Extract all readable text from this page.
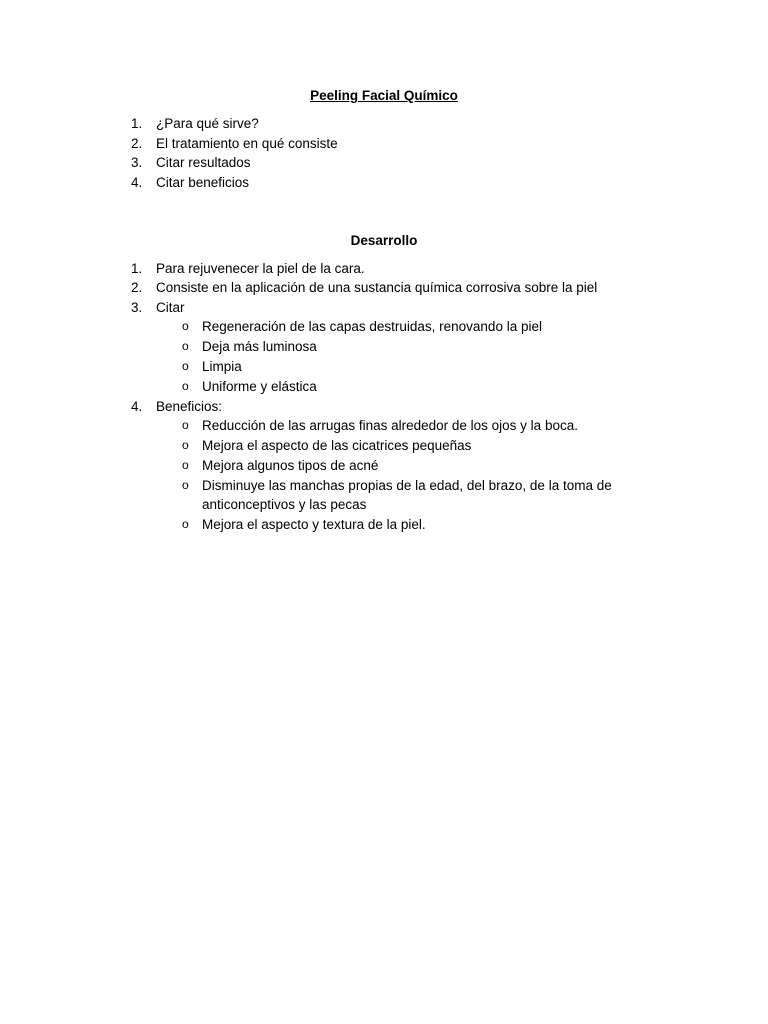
Peeling Facial Químico
1.	¿Para qué sirve?
2.	El tratamiento en qué consiste
3.	Citar resultados
4.	Citar beneficios
Desarrollo
1.	Para rejuvenecer la piel de la cara.
2.	Consiste en la aplicación de una sustancia química corrosiva sobre la piel
3.	Citar
o Regeneración de las capas destruidas, renovando la piel
o Deja más luminosa
o Limpia
o Uniforme y elástica
4.	Beneficios:
o Reducción de las arrugas finas alrededor de los ojos y la boca.
o Mejora el aspecto de las cicatrices pequeñas
o Mejora algunos tipos de acné
o Disminuye las manchas propias de la edad, del brazo, de la toma de
anticonceptivos y las pecas
o Mejora el aspecto y textura de la piel.
